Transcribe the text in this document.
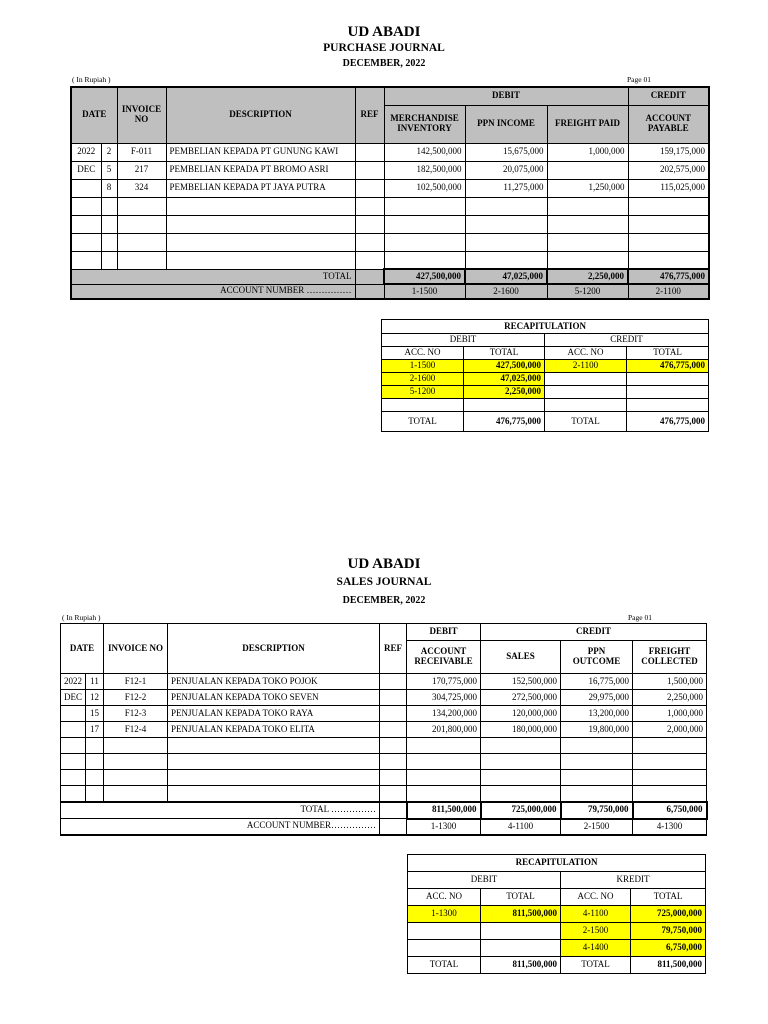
UD ABADI
PURCHASE JOURNAL
DECEMBER, 2022
( In Rupiah )	Page 01
DATE		INVOICE NO	DESCRIPTION	REF	DEBIT			CREDIT
					MERCHANDISE INVENTORY	PPN INCOME	FREIGHT PAID	ACCOUNT PAYABLE
2022	2	F-011	PEMBELIAN KEPADA PT GUNUNG KAWI		142,500,000	15,675,000	1,000,000	159,175,000
DEC	5	217	PEMBELIAN KEPADA PT BROMO ASRI		182,500,000	20,075,000		202,575,000
	8	324	PEMBELIAN KEPADA PT JAYA PUTRA		102,500,000	11,275,000	1,250,000	115,025,000

TOTAL					427,500,000	47,025,000	2,250,000	476,775,000
ACCOUNT NUMBER ……………					1-1500	2-1600	5-1200	2-1100
RECAPITULATION			
DEBIT		CREDIT	
ACC. NO	TOTAL	ACC. NO	TOTAL
1-1500	427,500,000	2-1100	476,775,000
2-1600	47,025,000		
5-1200	2,250,000		

TOTAL	476,775,000	TOTAL	476,775,000
UD ABADI
SALES JOURNAL
DECEMBER, 2022
( In Rupiah )	Page 01
DATE		INVOICE NO	DESCRIPTION	REF	DEBIT	CREDIT		
					ACCOUNT RECEIVABLE	SALES	PPN OUTCOME	FREIGHT COLLECTED
2022	11	F12-1	PENJUALAN KEPADA TOKO POJOK		170,775,000	152,500,000	16,775,000	1,500,000
DEC	12	F12-2	PENJUALAN KEPADA TOKO SEVEN		304,725,000	272,500,000	29,975,000	2,250,000
	15	F12-3	PENJUALAN KEPADA TOKO RAYA		134,200,000	120,000,000	13,200,000	1,000,000
	17	F12-4	PENJUALAN KEPADA TOKO ELITA		201,800,000	180,000,000	19,800,000	2,000,000

TOTAL ……………					811,500,000	725,000,000	79,750,000	6,750,000
ACCOUNT NUMBER……………					1-1300	4-1100	2-1500	4-1300
RECAPITULATION			
DEBIT		KREDIT	
ACC. NO	TOTAL	ACC. NO	TOTAL
1-1300	811,500,000	4-1100	725,000,000
		2-1500	79,750,000
		4-1400	6,750,000
TOTAL	811,500,000	TOTAL	811,500,000
